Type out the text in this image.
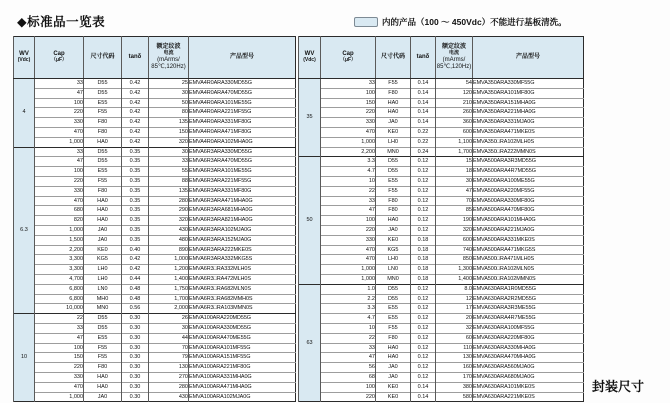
◆标准品一览表	内的产品（100 ～ 450Vdc）不能进行基板清洗。
WV
(Vdc)

Cap
（μF）

尺寸代码	tanδ

额定纹波
电流
(mArms/
85℃,120Hz)

产品型号

4	33	D55	0.42	25	EMVA4R0ARA330MD55G
	47	D55	0.42	30	EMVA4R0ARA470MD55G
	100	E55	0.42	50	EMVA4R0ARA101ME55G
	220	F55	0.42	80	EMVA4R0ARA221MF55G
	330	F80	0.42	135	EMVA4R0ARA331MF80G
	470	F80	0.42	150	EMVA4R0ARA471MF80G
	1,000	HA0	0.42	320	EMVA4R0ARA102MHA0G
6.3	33	D55	0.35	30	EMVA6R3ARA330MD55G
	47	D55	0.35	33	EMVA6R3ARA470MD55G
	100	E55	0.35	55	EMVA6R3ARA101ME55G
	220	F55	0.35	88	EMVA6R3ARA221MF55G
	330	F80	0.35	135	EMVA6R3ARA331MF80G
	470	HA0	0.35	280	EMVA6R3ARA471MHA0G
	680	HA0	0.35	290	EMVA6R3ARA681MHA0G
	820	HA0	0.35	320	EMVA6R3ARA821MHA0G
	1,000	JA0	0.35	430	EMVA6R3ARA102MJA0G
	1,500	JA0	0.35	480	EMVA6R3ARA152MJA0G
	2,200	KE0	0.40	890	EMVA6R3ARA222MKE0S
	3,300	KG5	0.42	1,000	EMVA6R3ARA332MKG5S
	3,300	LH0	0.42	1,200	EMVA6R3□RA332MLH0S
	4,700	LH0	0.44	1,400	EMVA6R3□RA472MLH0S
	6,800	LN0	0.48	1,750	EMVA6R3□RA682MLN0S
	6,800	MH0	0.48	1,700	EMVA6R3□RA682MMH0S
	10,000	MN0	0.56	2,000	EMVA6R3□RA103MMN0S
10	22	D55	0.30	26	EMVA100ARA220MD55G
	33	D55	0.30	30	EMVA100ARA330MD55G
	47	E55	0.30	44	EMVA100ARA470ME55G
	100	F55	0.30	70	EMVA100ARA101MF55G
	150	F55	0.30	79	EMVA100ARA151MF55G
	220	F80	0.30	130	EMVA100ARA221MF80G
	330	HA0	0.30	270	EMVA100ARA331MHA0G
	470	HA0	0.30	280	EMVA100ARA471MHA0G
	1,000	JA0	0.30	430	EMVA100ARA102MJA0G
WV
(Vdc)

Cap
（μF）

尺寸代码	tanδ

额定纹波
电流
(mArms/
85℃,120Hz)

产品型号

35	33	F55	0.14	54	EMVA350ARA330MF55G
	100	F80	0.14	120	EMVA350ARA101MF80G
	150	HA0	0.14	210	EMVA350ARA151MHA0G
	220	HA0	0.14	260	EMVA350ARA221MHA0G
	330	JA0	0.14	360	EMVA350ARA331MJA0G
	470	KE0	0.22	600	EMVA350ARA471MKE0S
	1,000	LH0	0.22	1,100	EMVA350□RA102MLH0S
	2,200	MN0	0.24	1,700	EMVA350□RA222MMN0S
50	3.3	D55	0.12	15	EMVA500ARA3R3MD55G
	4.7	D55	0.12	18	EMVA500ARA4R7MD55G
	10	E55	0.12	30	EMVA500ARA100ME55G
	22	F55	0.12	47	EMVA500ARA220MF55G
	33	F80	0.12	70	EMVA500ARA330MF80G
	47	F80	0.12	85	EMVA500ARA470MF80G
	100	HA0	0.12	190	EMVA500ARA101MHA0G
	220	JA0	0.12	320	EMVA500ARA221MJA0G
	330	KE0	0.18	600	EMVA500ARA331MKE0S
	470	KG5	0.18	740	EMVA500ARA471MKG5S
	470	LH0	0.18	850	EMVA500□RA471MLH0S
	1,000	LN0	0.18	1,300	EMVA500□RA102MLN0S
	1,000	MN0	0.18	1,400	EMVA500□RA102MMN0S
63	1.0	D55	0.12	8.0	EMVA630ARA1R0MD55G
	2.2	D55	0.12	12	EMVA630ARA2R2MD55G
	3.3	E55	0.12	17	EMVA630ARA3R3ME55G
	4.7	E55	0.12	20	EMVA630ARA4R7ME55G
	10	F55	0.12	32	EMVA630ARA100MF55G
	22	F80	0.12	60	EMVA630ARA220MF80G
	33	HA0	0.12	110	EMVA630ARA330MHA0G
	47	HA0	0.12	130	EMVA630ARA470MHA0G
	56	JA0	0.12	160	EMVA630ARA560MJA0G
	68	JA0	0.12	170	EMVA630ARA680MJA0G
	100	KE0	0.14	380	EMVA630ARA101MKE0S
	220	KE0	0.14	580	EMVA630ARA221MKE0S
封装尺寸
